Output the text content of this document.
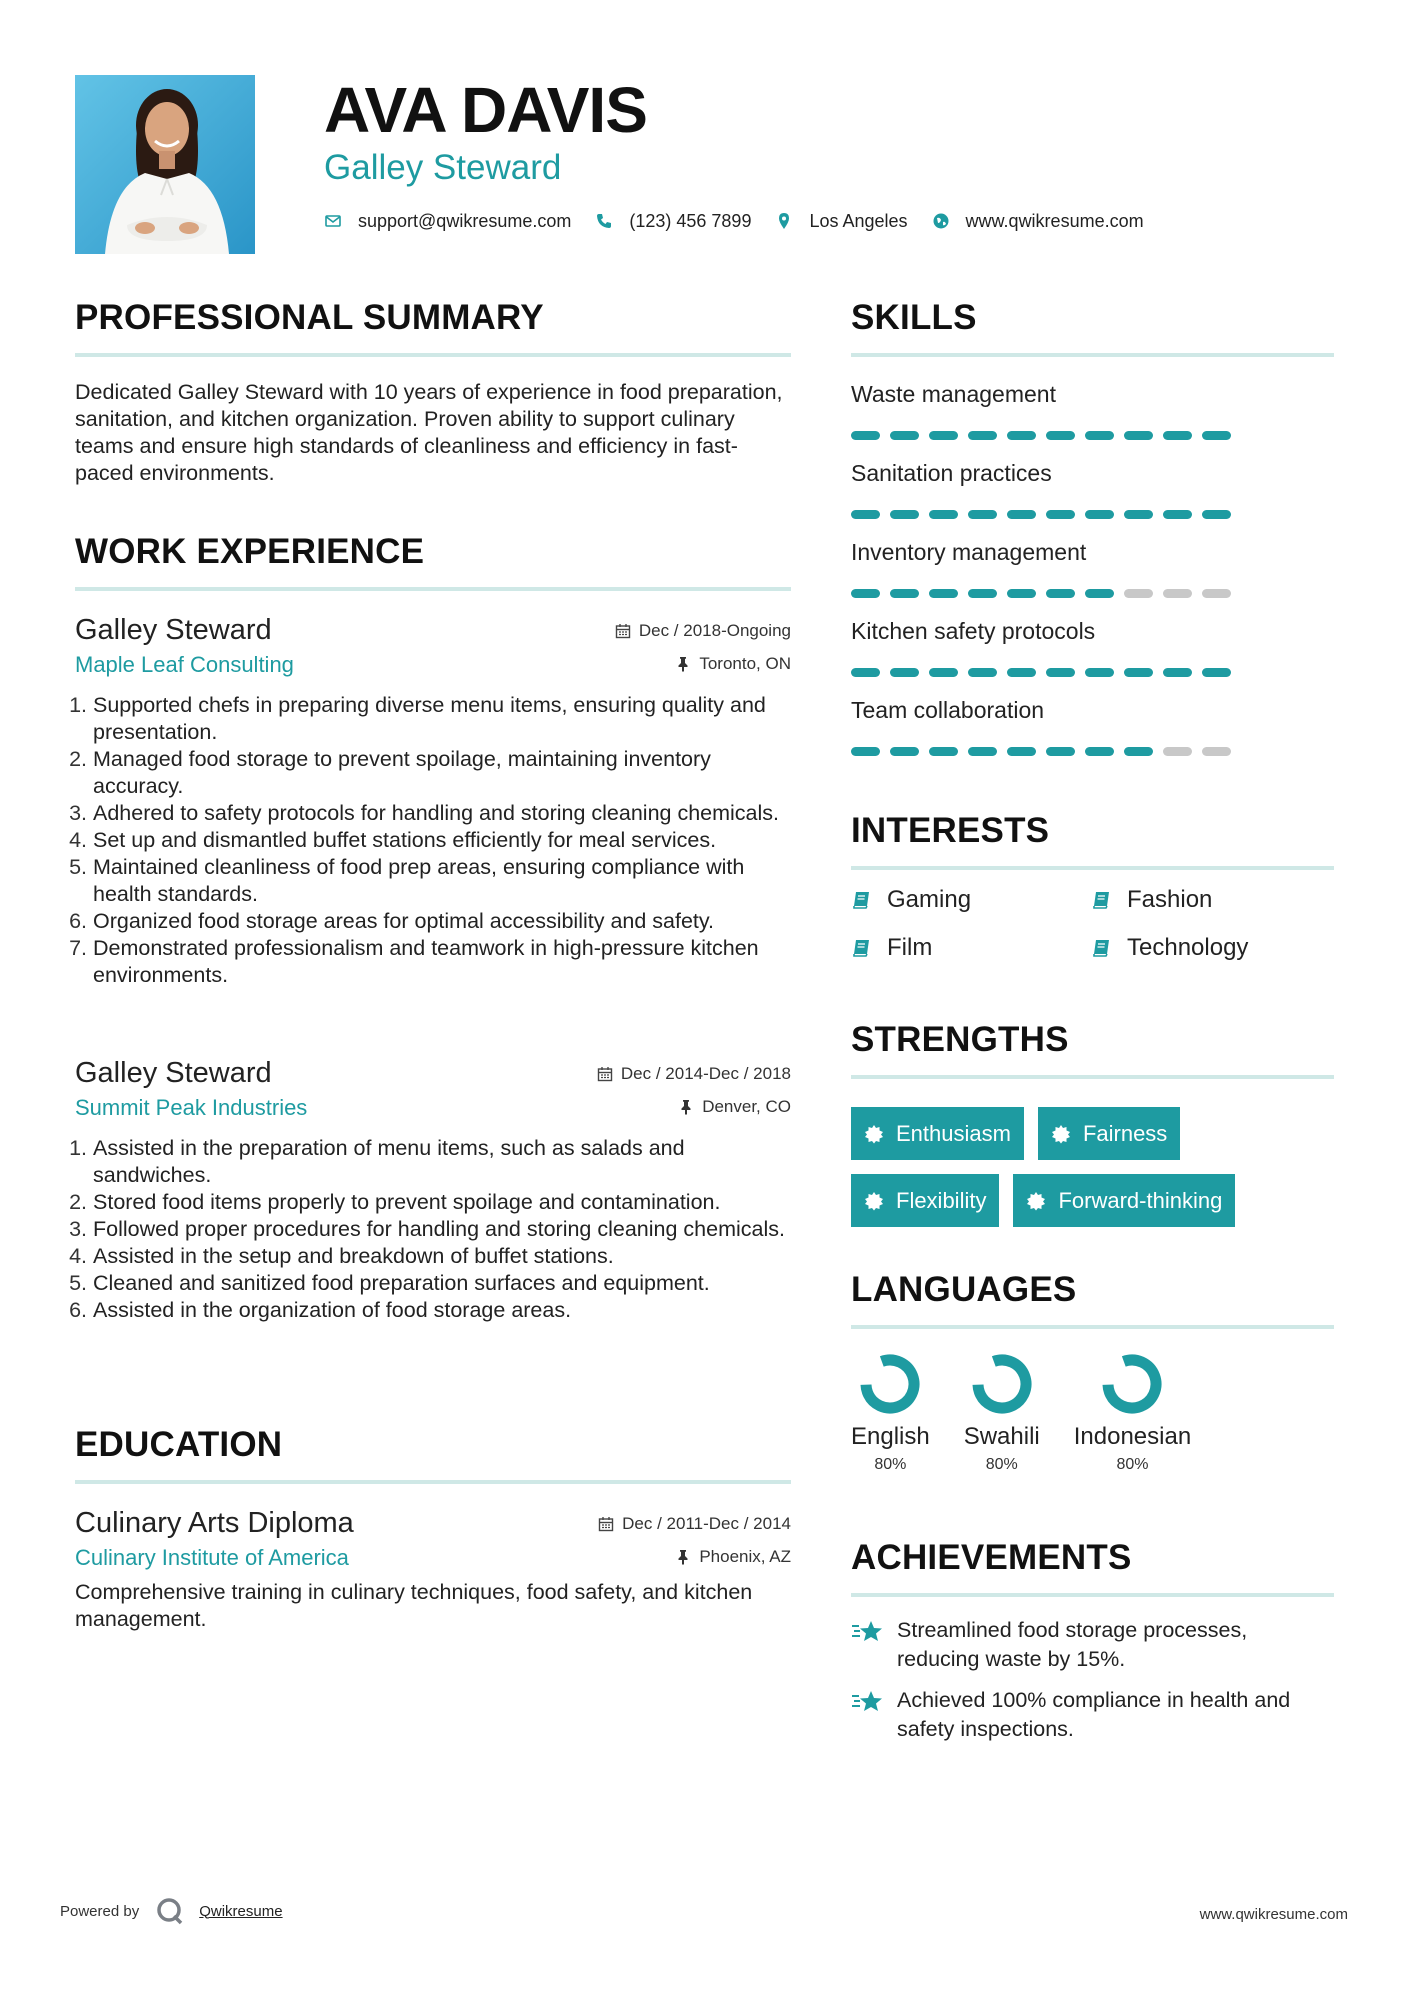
AVA DAVIS
Galley Steward
support@qwikresume.com	(123) 456 7899	Los Angeles	www.qwikresume.com
PROFESSIONAL SUMMARY

Dedicated Galley Steward with 10 years of experience in food preparation, sanitation, and kitchen organization. Proven ability to support culinary teams and ensure high standards of cleanliness and efficiency in fast-paced environments.

WORK EXPERIENCE
Galley Steward	Dec / 2018-Ongoing
Maple Leaf Consulting	Toronto, ON
1. Supported chefs in preparing diverse menu items, ensuring quality and presentation.
2. Managed food storage to prevent spoilage, maintaining inventory accuracy.
3. Adhered to safety protocols for handling and storing cleaning chemicals.
4. Set up and dismantled buffet stations efficiently for meal services.
5. Maintained cleanliness of food prep areas, ensuring compliance with health standards.
6. Organized food storage areas for optimal accessibility and safety.
7. Demonstrated professionalism and teamwork in high-pressure kitchen environments.
Galley Steward	Dec / 2014-Dec / 2018
Summit Peak Industries	Denver, CO
1. Assisted in the preparation of menu items, such as salads and sandwiches.
2. Stored food items properly to prevent spoilage and contamination.
3. Followed proper procedures for handling and storing cleaning chemicals.
4. Assisted in the setup and breakdown of buffet stations.
5. Cleaned and sanitized food preparation surfaces and equipment.
6. Assisted in the organization of food storage areas.
EDUCATION
Culinary Arts Diploma	Dec / 2011-Dec / 2014
Culinary Institute of America	Phoenix, AZ

Comprehensive training in culinary techniques, food safety, and kitchen management.

SKILLS
Waste management
Sanitation practices
Inventory management
Kitchen safety protocols
Team collaboration
INTERESTS
Gaming	Fashion
Film	Technology
STRENGTHS
Enthusiasm	Fairness
Flexibility	Forward-thinking
LANGUAGES
English
80%
Swahili
80%
Indonesian
80%
ACHIEVEMENTS
Streamlined food storage processes, reducing waste by 15%.
Achieved 100% compliance in health and safety inspections.
Powered by	Qwikresume	www.qwikresume.com
